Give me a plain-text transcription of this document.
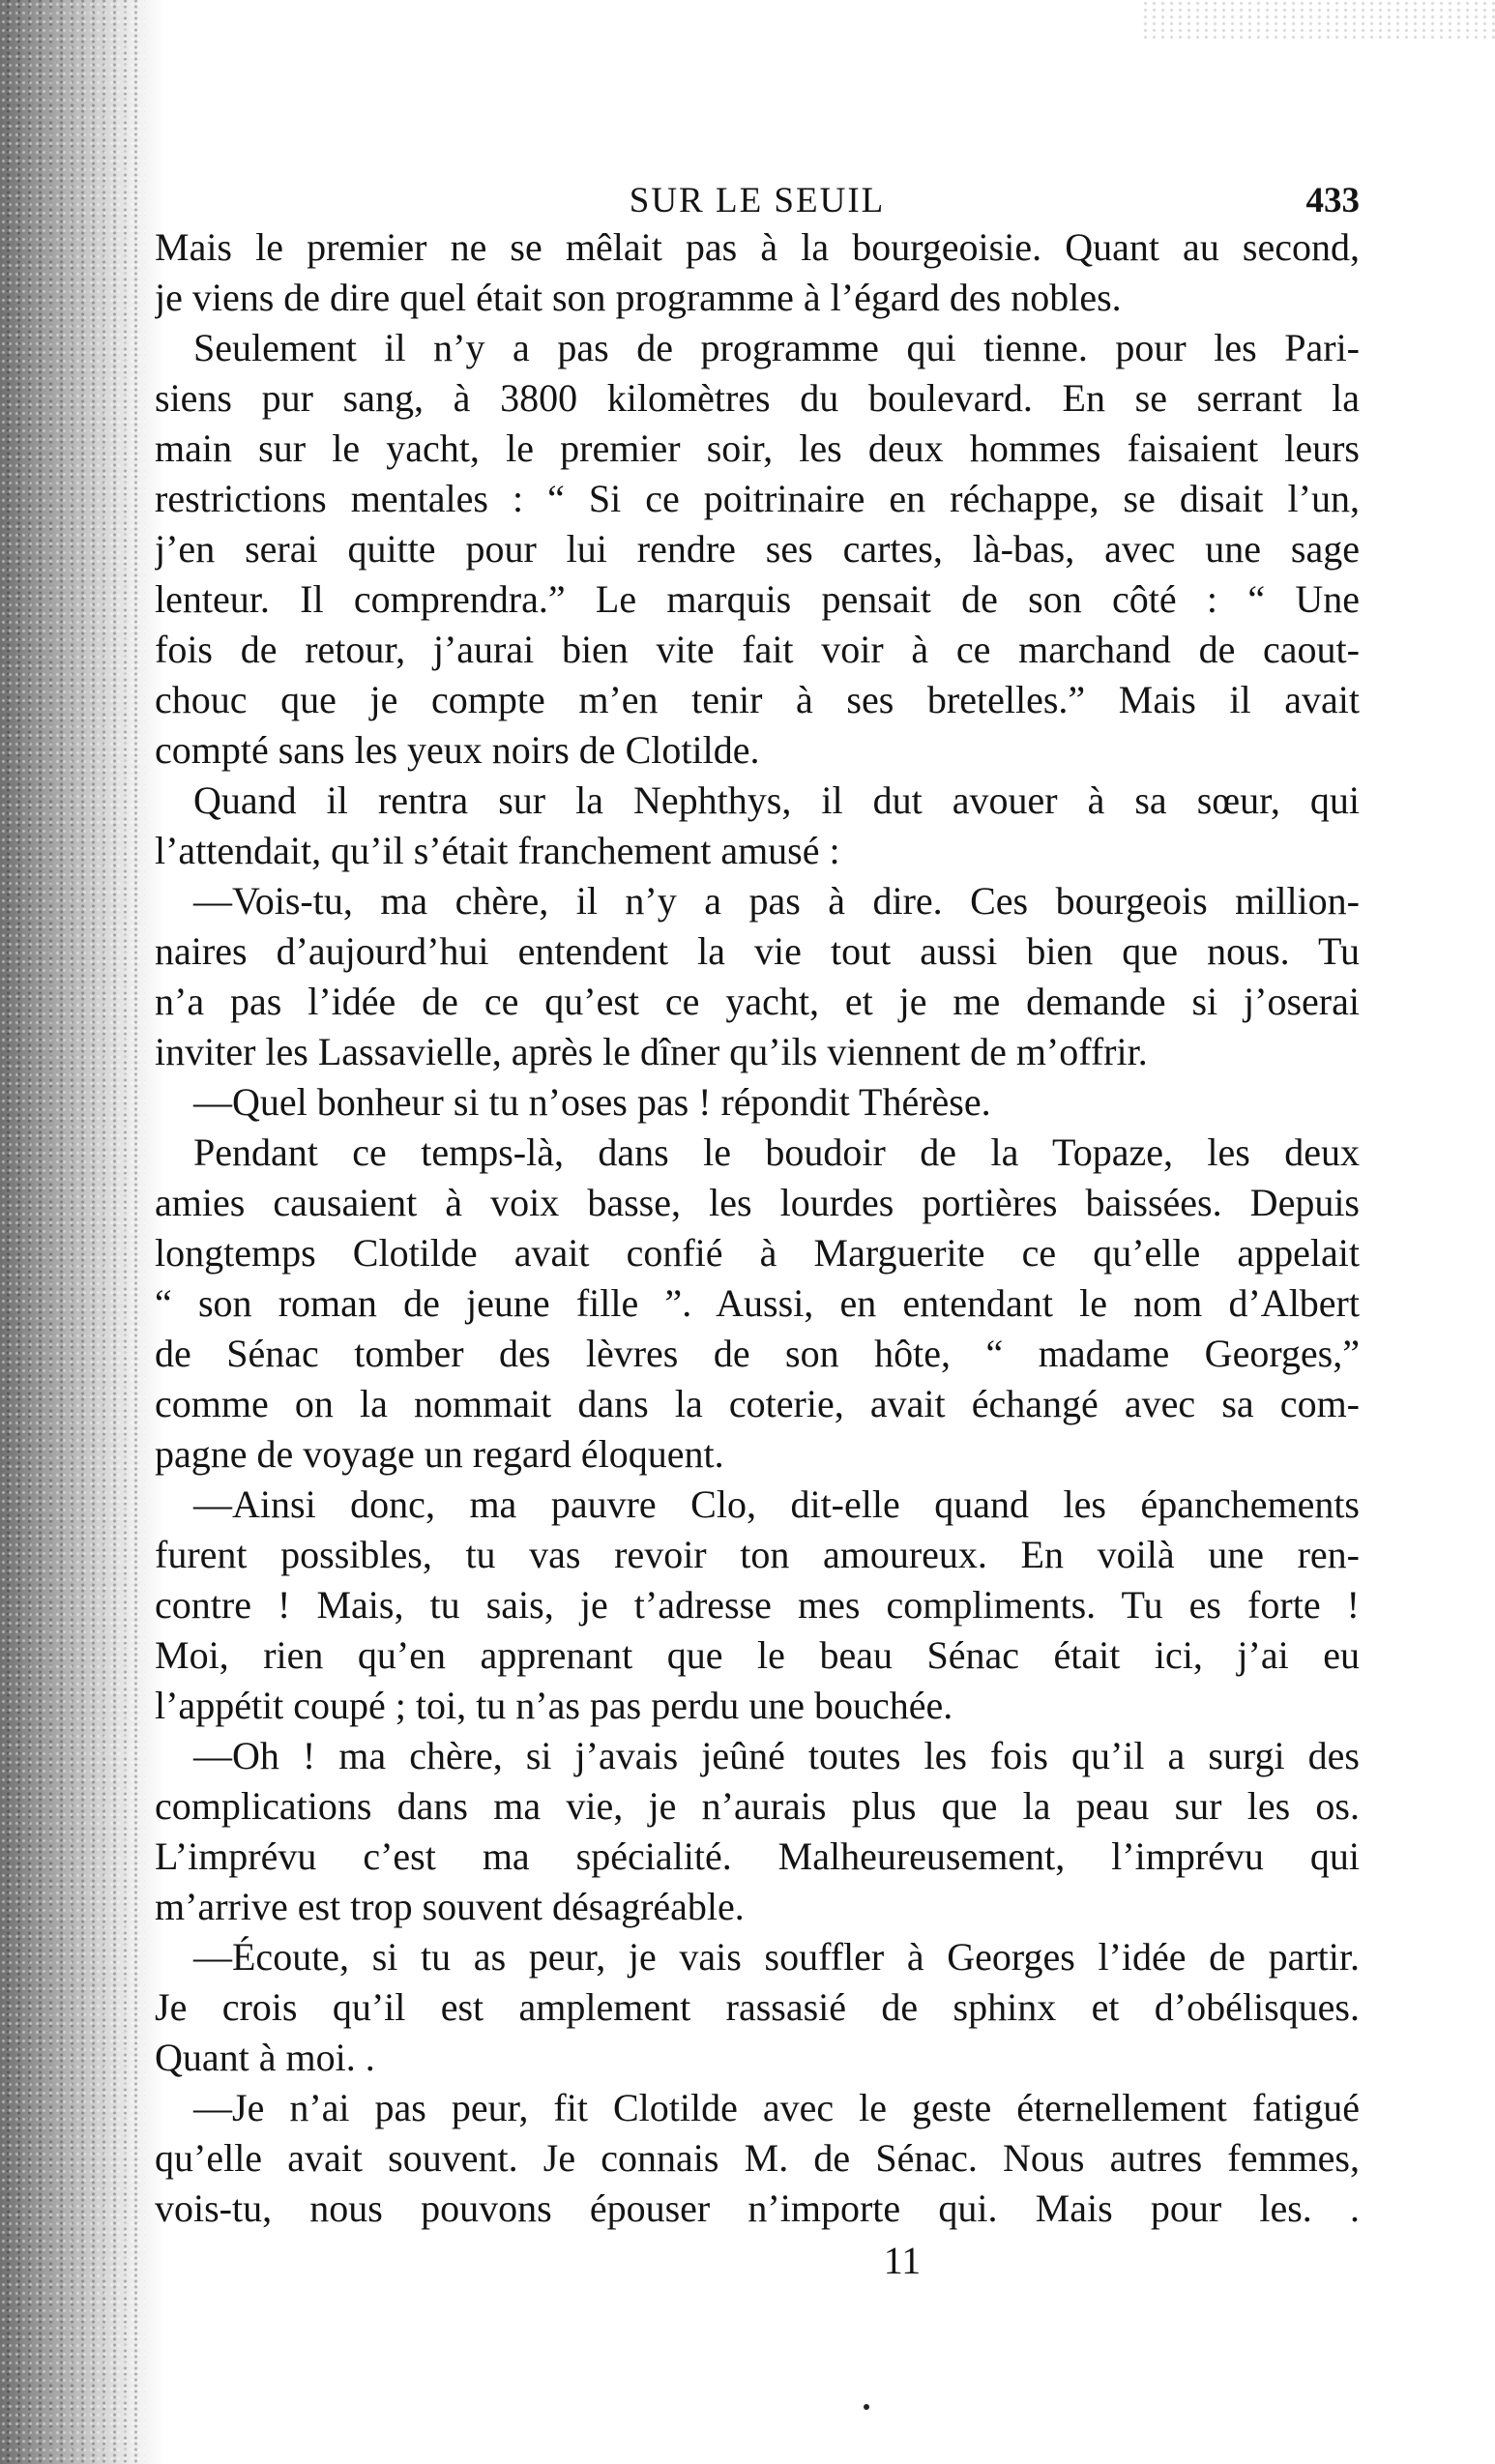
SUR LE SEUIL	433
Mais le premier ne se mêlait pas à la bourgeoisie. Quant au second,
je viens de dire quel était son programme à l’égard des nobles.
Seulement il n’y a pas de programme qui tienne. pour les Pari-
siens pur sang, à 3800 kilomètres du boulevard. En se serrant la
main sur le yacht, le premier soir, les deux hommes faisaient leurs
restrictions mentales : “ Si ce poitrinaire en réchappe, se disait l’un,
j’en serai quitte pour lui rendre ses cartes, là-bas, avec une sage
lenteur. Il comprendra.” Le marquis pensait de son côté : “ Une
fois de retour, j’aurai bien vite fait voir à ce marchand de caout-
chouc que je compte m’en tenir à ses bretelles.” Mais il avait
compté sans les yeux noirs de Clotilde.
Quand il rentra sur la Nephthys, il dut avouer à sa sœur, qui
l’attendait, qu’il s’était franchement amusé :
—Vois-tu, ma chère, il n’y a pas à dire. Ces bourgeois million-
naires d’aujourd’hui entendent la vie tout aussi bien que nous. Tu
n’a pas l’idée de ce qu’est ce yacht, et je me demande si j’oserai
inviter les Lassavielle, après le dîner qu’ils viennent de m’offrir.
—Quel bonheur si tu n’oses pas ! répondit Thérèse.
Pendant ce temps-là, dans le boudoir de la Topaze, les deux
amies causaient à voix basse, les lourdes portières baissées. Depuis
longtemps Clotilde avait confié à Marguerite ce qu’elle appelait
“ son roman de jeune fille ”. Aussi, en entendant le nom d’Albert
de Sénac tomber des lèvres de son hôte, “ madame Georges,”
comme on la nommait dans la coterie, avait échangé avec sa com-
pagne de voyage un regard éloquent.
—Ainsi donc, ma pauvre Clo, dit-elle quand les épanchements
furent possibles, tu vas revoir ton amoureux. En voilà une ren-
contre ! Mais, tu sais, je t’adresse mes compliments. Tu es forte !
Moi, rien qu’en apprenant que le beau Sénac était ici, j’ai eu
l’appétit coupé ; toi, tu n’as pas perdu une bouchée.
—Oh ! ma chère, si j’avais jeûné toutes les fois qu’il a surgi des
complications dans ma vie, je n’aurais plus que la peau sur les os.
L’imprévu c’est ma spécialité. Malheureusement, l’imprévu qui
m’arrive est trop souvent désagréable.
—Écoute, si tu as peur, je vais souffler à Georges l’idée de partir.
Je crois qu’il est amplement rassasié de sphinx et d’obélisques.
Quant à moi. .
—Je n’ai pas peur, fit Clotilde avec le geste éternellement fatigué
qu’elle avait souvent. Je connais M. de Sénac. Nous autres femmes,
vois-tu, nous pouvons épouser n’importe qui. Mais pour les. .
11
